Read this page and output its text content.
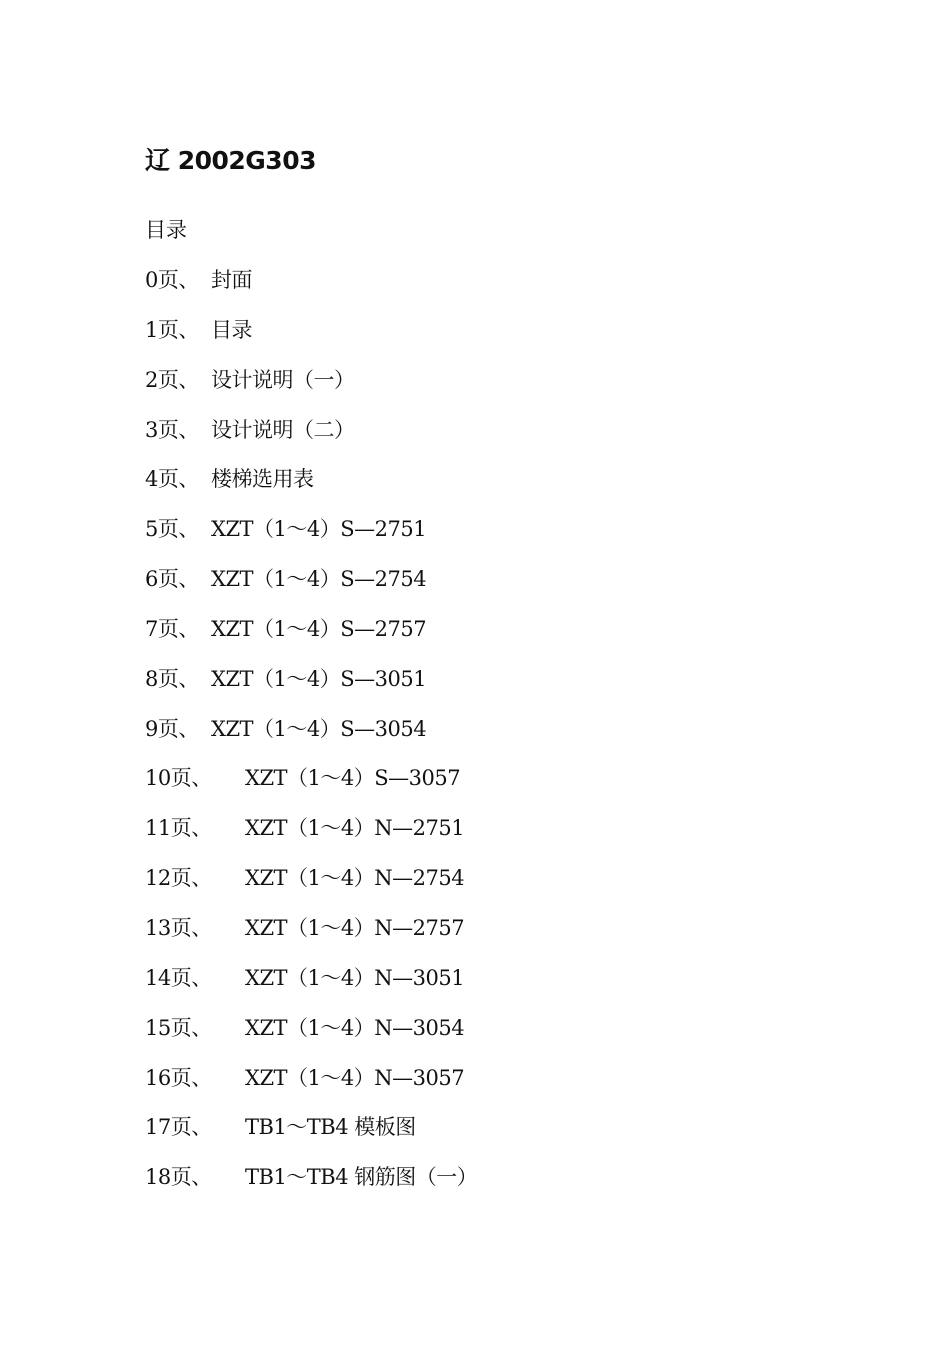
辽 2002G303
目录
0页、 封面
1页、 目录
2页、 设计说明（一）
3页、 设计说明（二）
4页、 楼梯选用表
5页、 XZT（1～4）S—2751
6页、 XZT（1～4）S—2754
7页、 XZT（1～4）S—2757
8页、 XZT（1～4）S—3051
9页、 XZT（1～4）S—3054
10页、	XZT（1～4）S—3057
11页、	XZT（1～4）N—2751
12页、	XZT（1～4）N—2754
13页、	XZT（1～4）N—2757
14页、	XZT（1～4）N—3051
15页、	XZT（1～4）N—3054
16页、	XZT（1～4）N—3057
17页、	TB1～TB4 模板图
18页、	TB1～TB4 钢筋图（一）
